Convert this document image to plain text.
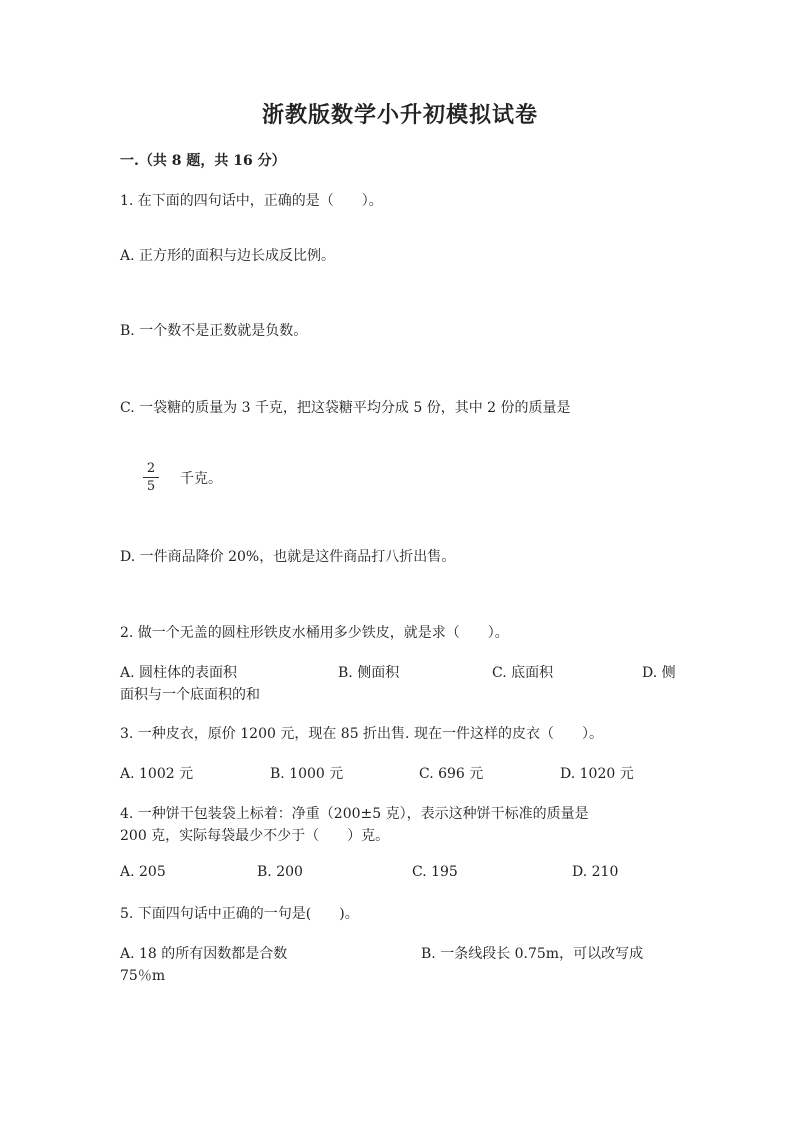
浙教版数学小升初模拟试卷
一.（共 8 题，共 16 分）
1. 在下面的四句话中，正确的是（　　）。
A. 正方形的面积与边长成反比例。
B. 一个数不是正数就是负数。
C. 一袋糖的质量为 3 千克，把这袋糖平均分成 5 份，其中 2 份的质量是
2
5 千克。
D. 一件商品降价 20%，也就是这件商品打八折出售。
2. 做一个无盖的圆柱形铁皮水桶用多少铁皮，就是求（　　）。
A. 圆柱体的表面积	B. 侧面积	C. 底面积	D. 侧
面积与一个底面积的和
3. 一种皮衣，原价 1200 元，现在 85 折出售. 现在一件这样的皮衣（　　）。
A. 1002 元	B. 1000 元	C. 696 元	D. 1020 元
4. 一种饼干包装袋上标着：净重（200±5 克），表示这种饼干标准的质量是
200 克，实际每袋最少不少于（　　）克。
A. 205	B. 200	C. 195	D. 210
5. 下面四句话中正确的一句是(　　)。
A. 18 的所有因数都是合数	B. 一条线段长 0.75m，可以改写成
75％m
